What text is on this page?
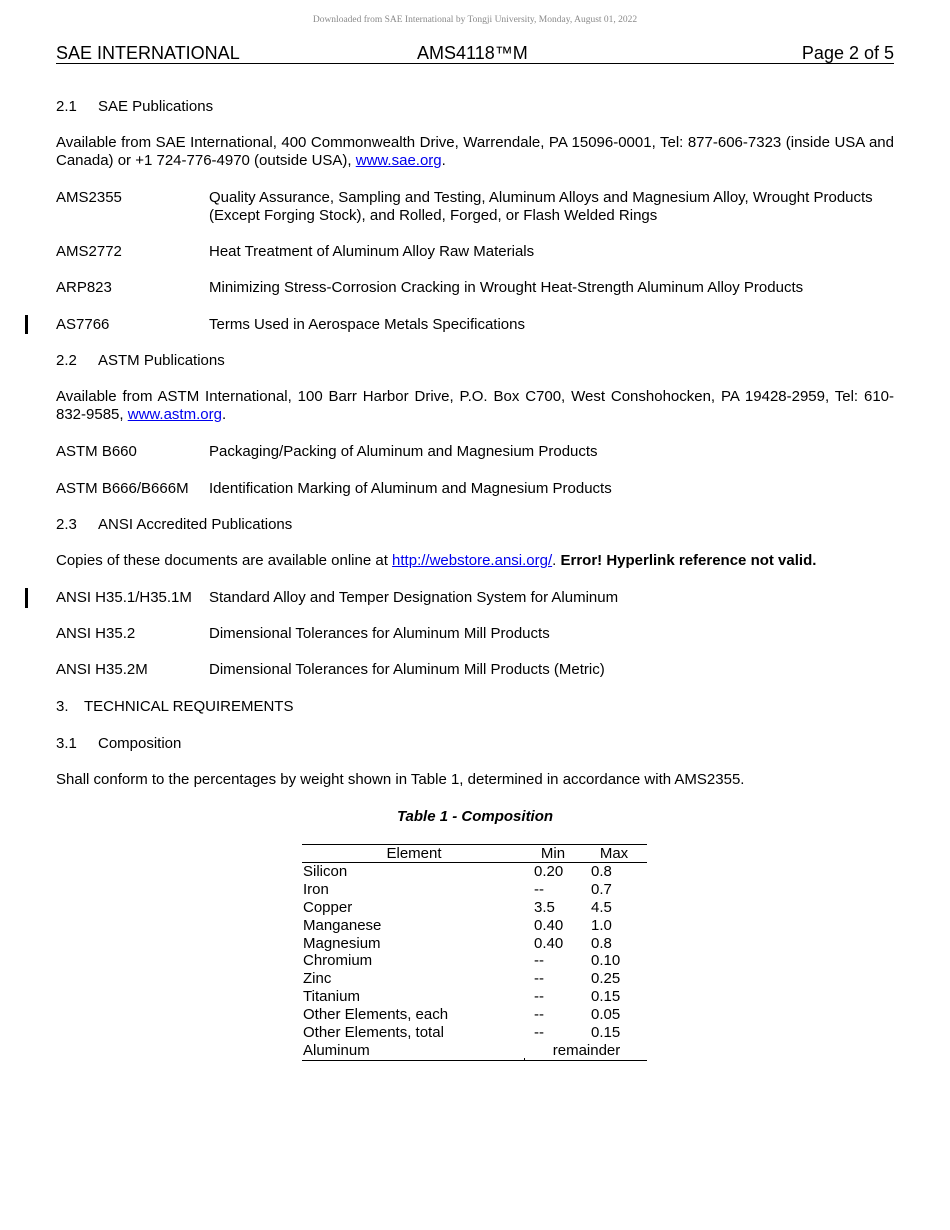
Downloaded from SAE International by Tongji University, Monday, August 01, 2022
SAE INTERNATIONAL	AMS4118™M	Page 2 of 5
2.1 SAE Publications
Available from SAE International, 400 Commonwealth Drive, Warrendale, PA 15096-0001, Tel: 877-606-7323 (inside USA and Canada) or +1 724-776-4970 (outside USA), www.sae.org.
AMS2355	Quality Assurance, Sampling and Testing, Aluminum Alloys and Magnesium Alloy, Wrought Products (Except Forging Stock), and Rolled, Forged, or Flash Welded Rings
AMS2772	Heat Treatment of Aluminum Alloy Raw Materials
ARP823	Minimizing Stress-Corrosion Cracking in Wrought Heat-Strength Aluminum Alloy Products
AS7766	Terms Used in Aerospace Metals Specifications
2.2 ASTM Publications
Available from ASTM International, 100 Barr Harbor Drive, P.O. Box C700, West Conshohocken, PA 19428-2959, Tel: 610-832-9585, www.astm.org.
ASTM B660	Packaging/Packing of Aluminum and Magnesium Products
ASTM B666/B666M Identification Marking of Aluminum and Magnesium Products
2.3 ANSI Accredited Publications
Copies of these documents are available online at http://webstore.ansi.org/. Error! Hyperlink reference not valid.
ANSI H35.1/H35.1M Standard Alloy and Temper Designation System for Aluminum
ANSI H35.2	Dimensional Tolerances for Aluminum Mill Products
ANSI H35.2M	Dimensional Tolerances for Aluminum Mill Products (Metric)
3. TECHNICAL REQUIREMENTS
3.1 Composition
Shall conform to the percentages by weight shown in Table 1, determined in accordance with AMS2355.
Table 1 - Composition
Element	Min	Max
Silicon	0.20 0.8
Iron	--	0.7
Copper	3.5 4.5
Manganese	0.40 1.0
Magnesium	0.40 0.8
Chromium	--	0.10
Zinc	--	0.25
Titanium	--	0.15
Other Elements, each	--	0.05
Other Elements, total	--	0.15
Aluminum	remainder
